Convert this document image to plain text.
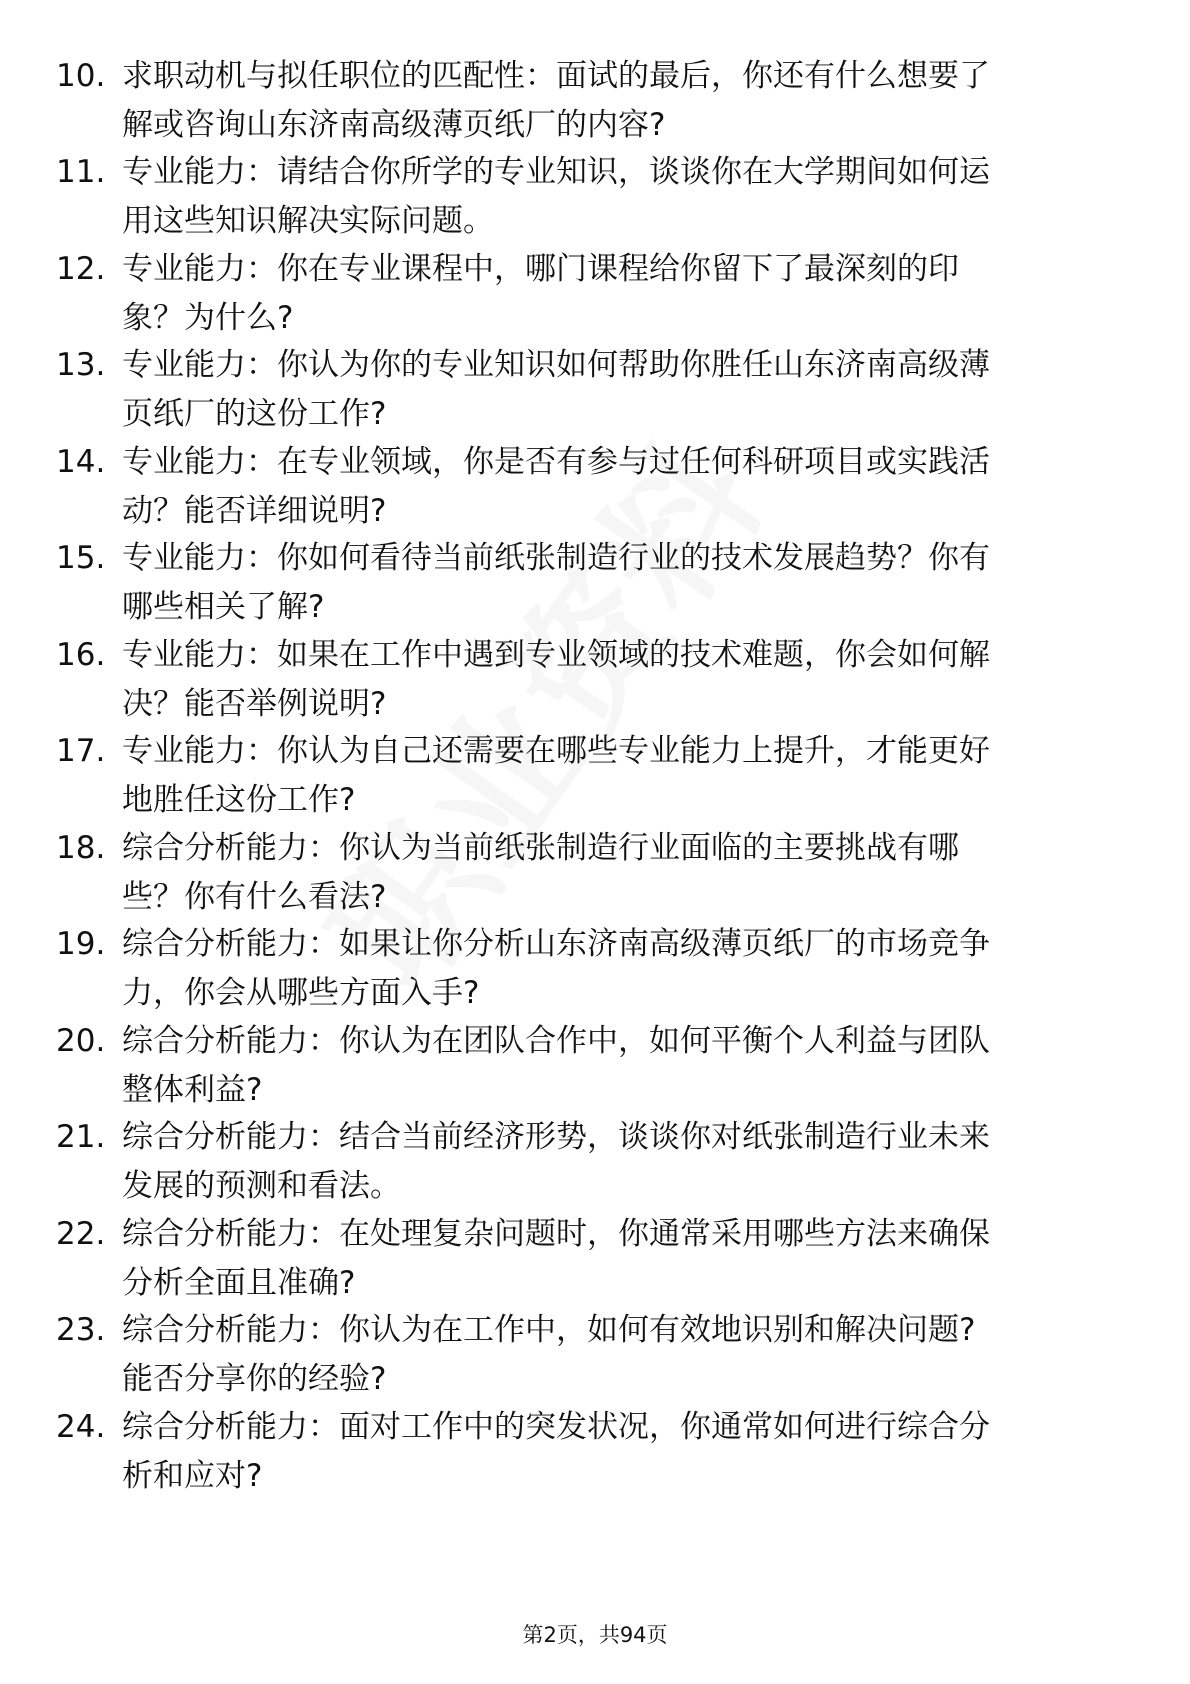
10. 求职动机与拟任职位的匹配性：面试的最后，你还有什么想要了
解或咨询山东济南高级薄页纸厂的内容?
11. 专业能力：请结合你所学的专业知识，谈谈你在大学期间如何运
用这些知识解决实际问题。
12. 专业能力：你在专业课程中，哪门课程给你留下了最深刻的印
象？为什么?
13. 专业能力：你认为你的专业知识如何帮助你胜任山东济南高级薄
页纸厂的这份工作?
14. 专业能力：在专业领域，你是否有参与过任何科研项目或实践活
动？能否详细说明?
15. 专业能力：你如何看待当前纸张制造行业的技术发展趋势？你有
哪些相关了解?
16. 专业能力：如果在工作中遇到专业领域的技术难题，你会如何解
决？能否举例说明?
17. 专业能力：你认为自己还需要在哪些专业能力上提升，才能更好
地胜任这份工作?
18. 综合分析能力：你认为当前纸张制造行业面临的主要挑战有哪
些？你有什么看法?
19. 综合分析能力：如果让你分析山东济南高级薄页纸厂的市场竞争
力，你会从哪些方面入手?
20. 综合分析能力：你认为在团队合作中，如何平衡个人利益与团队
整体利益?
21. 综合分析能力：结合当前经济形势，谈谈你对纸张制造行业未来
发展的预测和看法。
22. 综合分析能力：在处理复杂问题时，你通常采用哪些方法来确保
分析全面且准确?
23. 综合分析能力：你认为在工作中，如何有效地识别和解决问题?
能否分享你的经验?
24. 综合分析能力：面对工作中的突发状况，你通常如何进行综合分
析和应对?
第2页，共94页
